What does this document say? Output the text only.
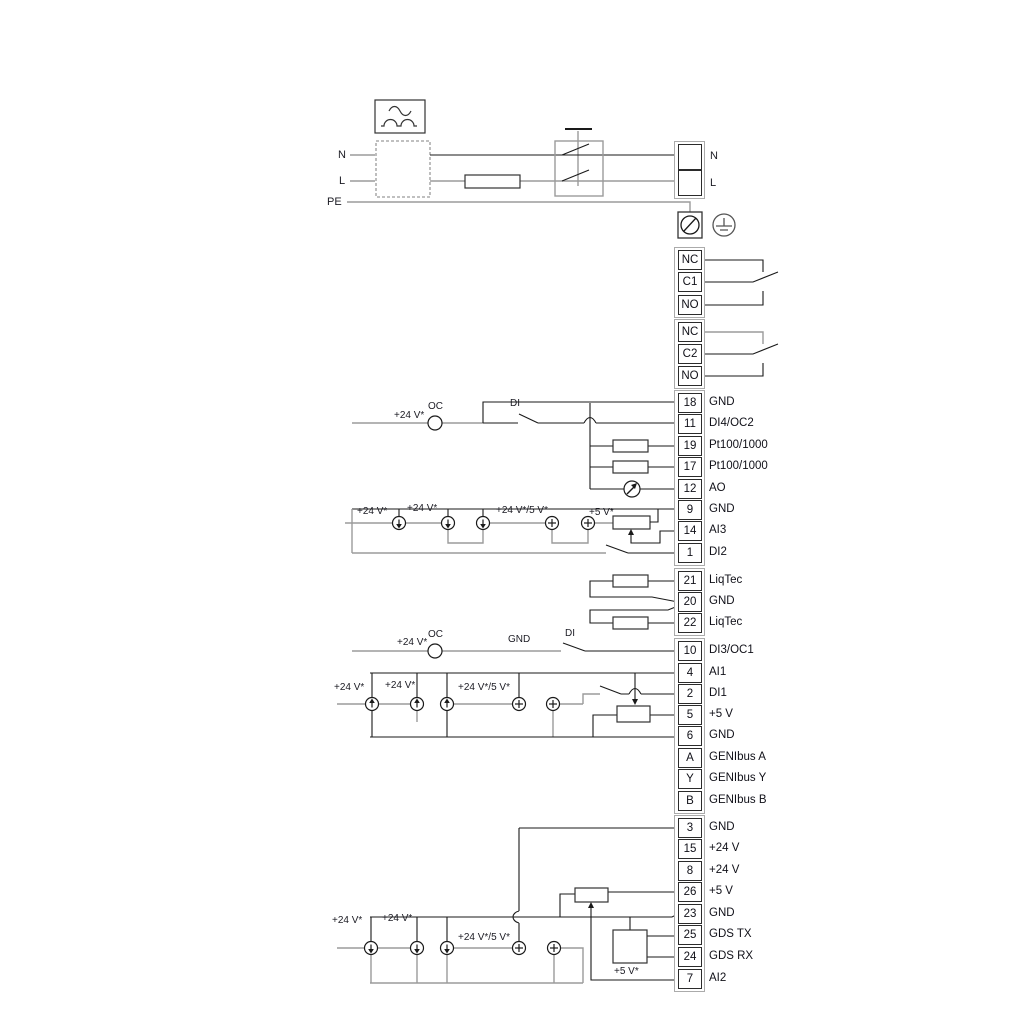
NC
C1
NO
NC
C2
NO
18	GND
11	DI4/OC2
19	Pt100/1000
17	Pt100/1000
12	AO
9	GND
14	AI3
1	DI2
21	LiqTec
20	GND
22	LiqTec
10	DI3/OC1
4	AI1
2	DI1
5	+5 V
6	GND
A	GENIbus A
Y	GENIbus Y
B	GENIbus B
3	GND
15	+24 V
8	+24 V
26	+5 V
23	GND
25	GDS TX
24	GDS RX
7	AI2
N
L
PE
N
L
+24 V*
OC	DI
+24 V* +24 V*	+24 V*/5 V*	+5 V*
+24 V*
OC	GND
DI
+24 V* +24 V*	+24 V*/5 V*
+24 V* +24 V*
+24 V*/5 V*
+5 V*
